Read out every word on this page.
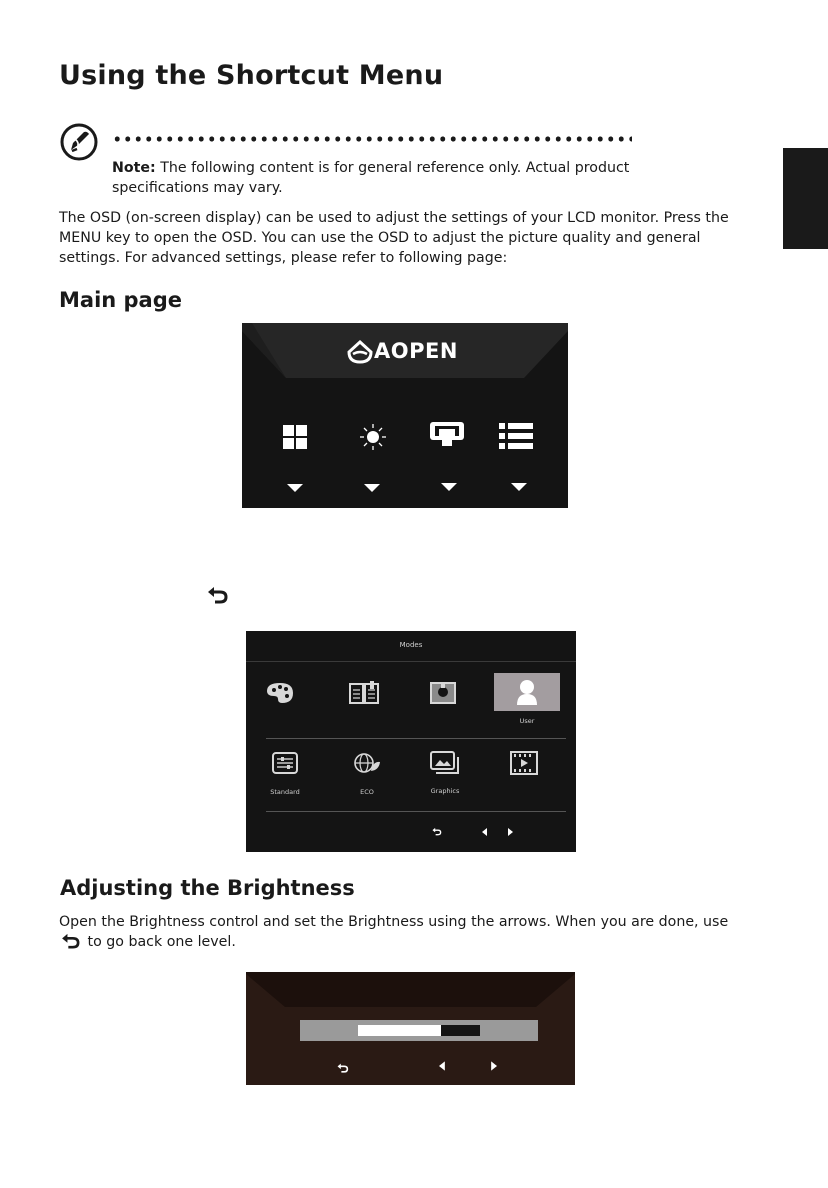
Using the Shortcut Menu
Note: The following content is for general reference only. Actual product specifications may vary.
The OSD (on-screen display) can be used to adjust the settings of your LCD monitor. Press the MENU key to open the OSD. You can use the OSD to adjust the picture quality and general settings. For advanced settings, please refer to following page:
Main page
AOPEN
Modes
User
Standard	ECO	Graphics
Adjusting the Brightness
Open the Brightness control and set the Brightness using the arrows. When you are done, use  to go back one level.
